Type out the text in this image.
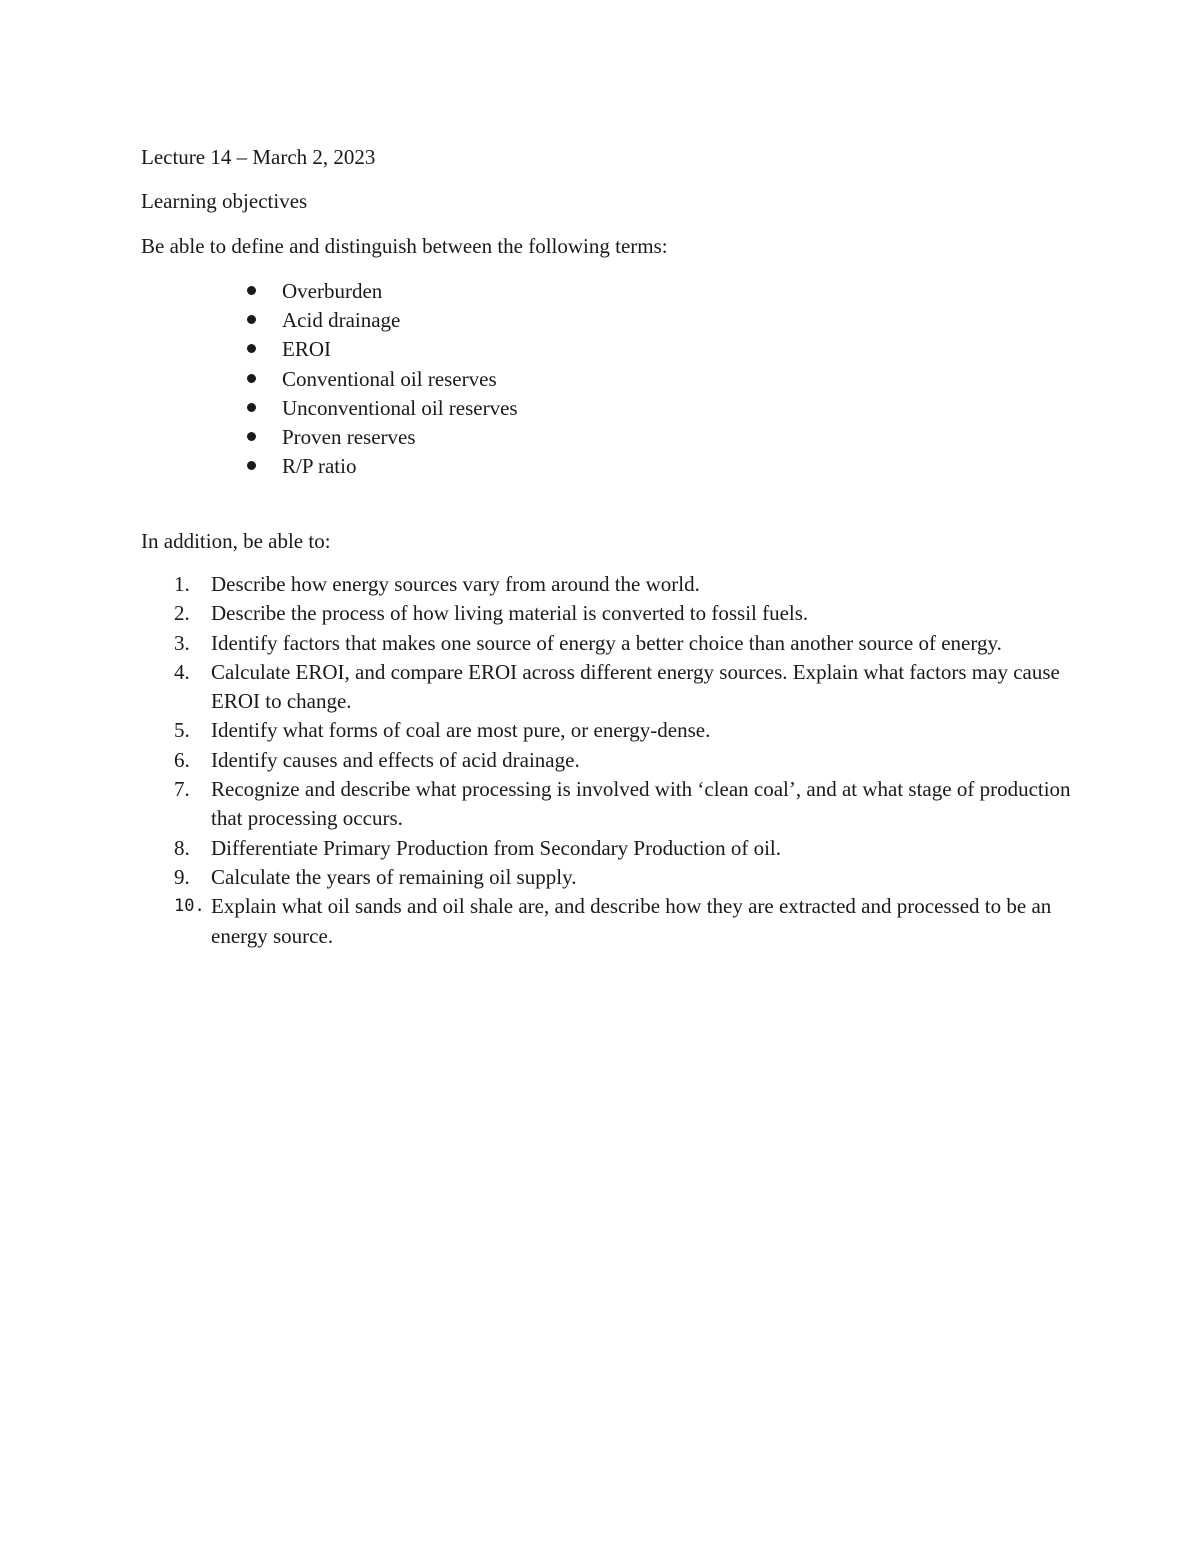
Lecture 14 – March 2, 2023
Learning objectives
Be able to define and distinguish between the following terms:
Overburden
Acid drainage
EROI
Conventional oil reserves
Unconventional oil reserves
Proven reserves
R/P ratio
In addition, be able to:
1.	Describe how energy sources vary from around the world.
2.	Describe the process of how living material is converted to fossil fuels.
3.	Identify factors that makes one source of energy a better choice than another source of energy.
4.	Calculate EROI, and compare EROI across different energy sources. Explain what factors may cause EROI to change.
5.	Identify what forms of coal are most pure, or energy-dense.
6.	Identify causes and effects of acid drainage.
7.	Recognize and describe what processing is involved with ‘clean coal’, and at what stage of production that processing occurs.
8.	Differentiate Primary Production from Secondary Production of oil.
9.	Calculate the years of remaining oil supply.
10. Explain what oil sands and oil shale are, and describe how they are extracted and processed to be an energy source.
